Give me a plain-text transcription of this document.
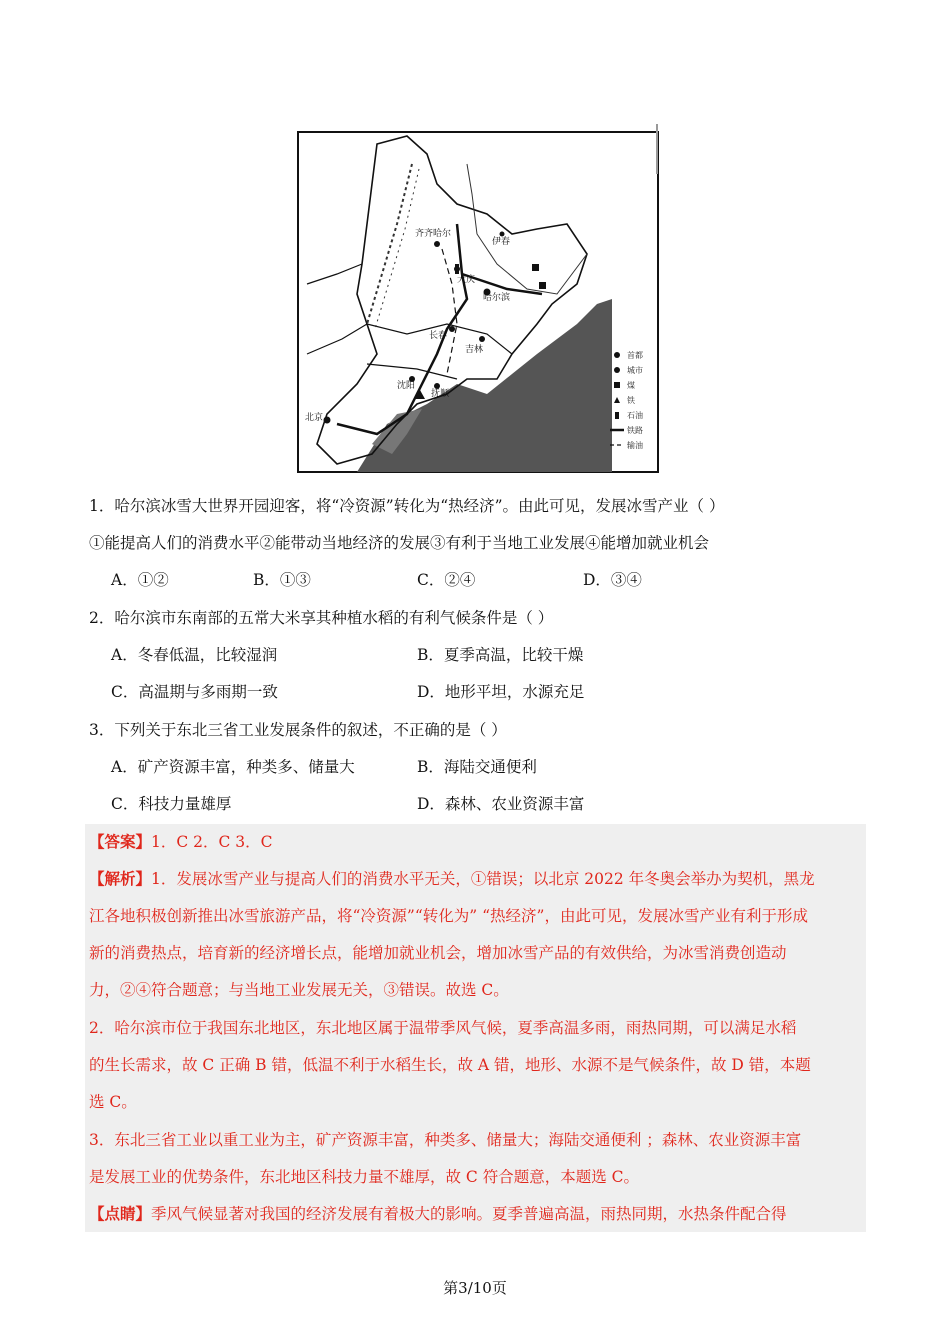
齐齐哈尔
大庆
哈尔滨
长春
吉林
沈阳
抚顺
北京
伊春
首都
城市
煤
铁
石油
铁路
输油
1．哈尔滨冰雪大世界开园迎客，将“冷资源”转化为“热经济”。由此可见，发展冰雪产业（ ）
①能提高人们的消费水平②能带动当地经济的发展③有利于当地工业发展④能增加就业机会
A．①②	B．①③	C．②④	D．③④
2．哈尔滨市东南部的五常大米享其种植水稻的有利气候条件是（ ）
A．冬春低温，比较湿润	B．夏季高温，比较干燥
C．高温期与多雨期一致	D．地形平坦，水源充足
3．下列关于东北三省工业发展条件的叙述，不正确的是（ ）
A．矿产资源丰富，种类多、储量大	B．海陆交通便利
C．科技力量雄厚	D．森林、农业资源丰富
【答案】1．C 2．C 3．C
【解析】1．发展冰雪产业与提高人们的消费水平无关，①错误；以北京 2022 年冬奥会举办为契机，黑龙
江各地积极创新推出冰雪旅游产品，将“冷资源”“转化为” “热经济”，由此可见，发展冰雪产业有利于形成
新的消费热点，培育新的经济增长点，能增加就业机会，增加冰雪产品的有效供给，为冰雪消费创造动
力，②④符合题意；与当地工业发展无关，③错误。故选 C。
2．哈尔滨市位于我国东北地区，东北地区属于温带季风气候，夏季高温多雨，雨热同期，可以满足水稻
的生长需求，故 C 正确 B 错，低温不利于水稻生长，故 A 错，地形、水源不是气候条件，故 D 错，本题
选 C。
3．东北三省工业以重工业为主，矿产资源丰富，种类多、储量大；海陆交通便利 ；森林、农业资源丰富
是发展工业的优势条件，东北地区科技力量不雄厚，故 C 符合题意，本题选 C。
【点睛】季风气候显著对我国的经济发展有着极大的影响。夏季普遍高温，雨热同期，水热条件配合得
第3/10页
